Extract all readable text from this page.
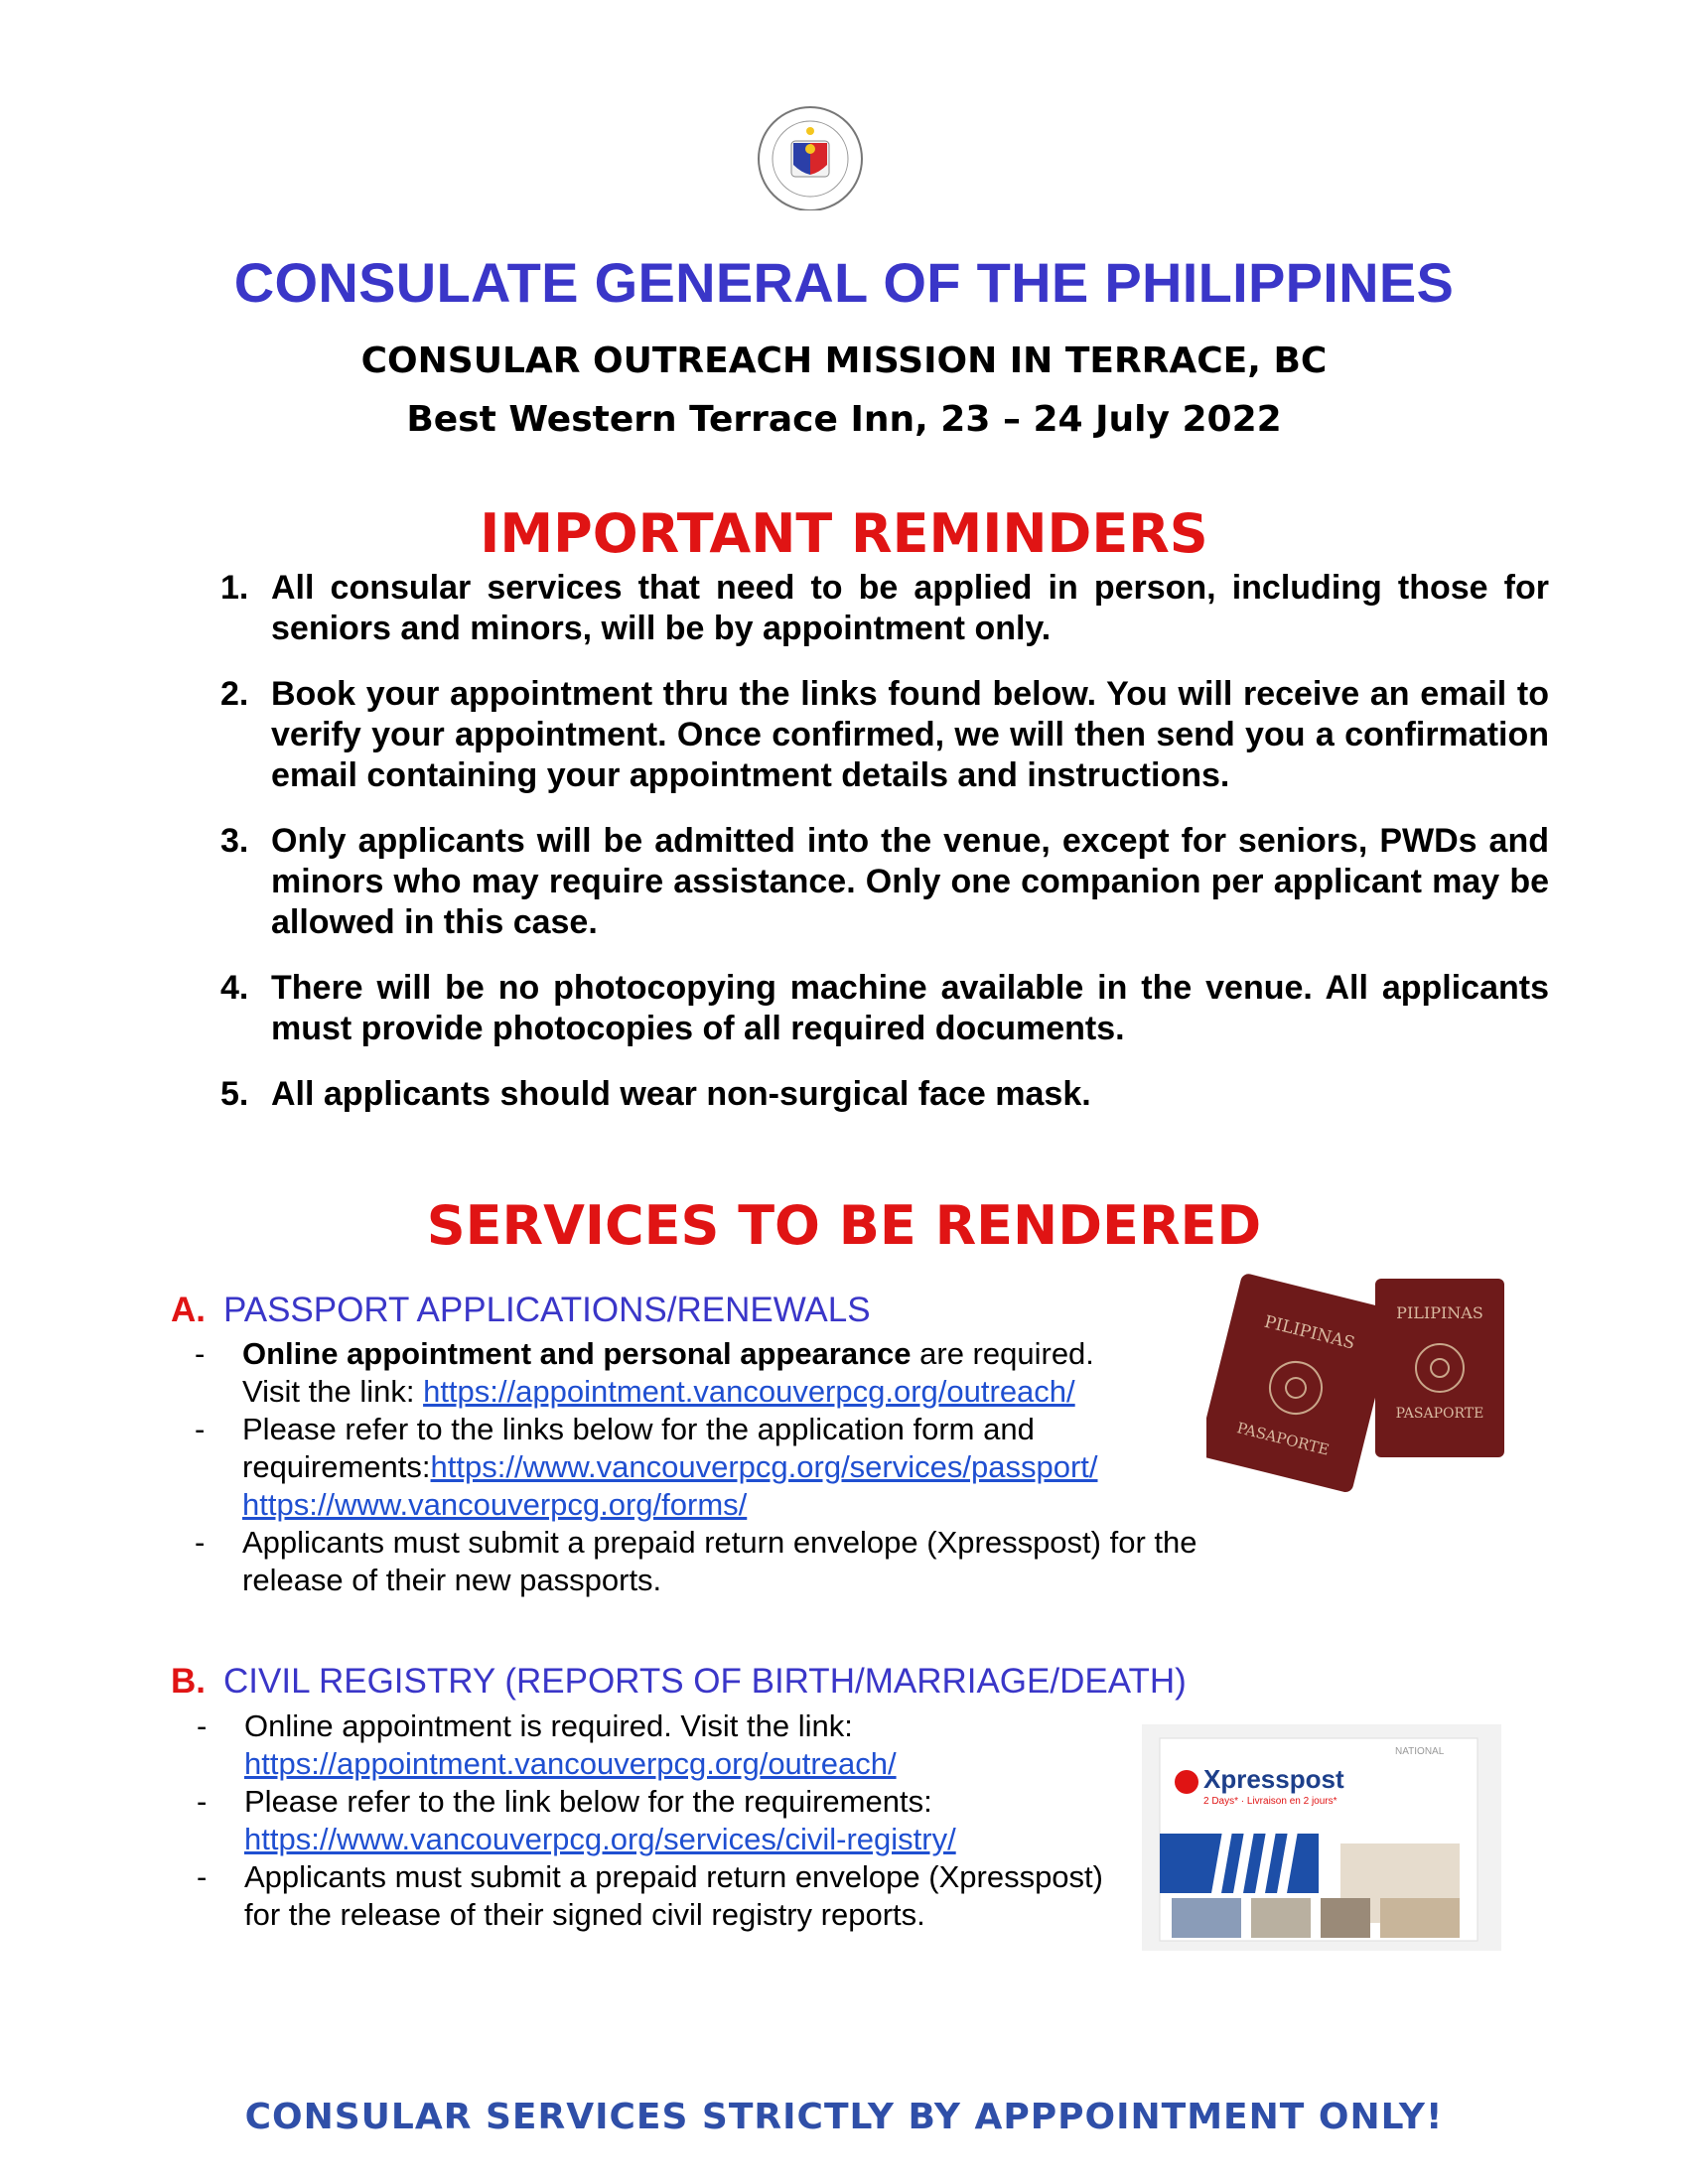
CONSULATE GENERAL OF THE PHILIPPINES
CONSULAR OUTREACH MISSION IN TERRACE, BC
Best Western Terrace Inn, 23 – 24 July 2022
IMPORTANT REMINDERS
1. All consular services that need to be applied in person, including those for seniors and minors, will be by appointment only.
2. Book your appointment thru the links found below. You will receive an email to verify your appointment. Once confirmed, we will then send you a confirmation email containing your appointment details and instructions.
3. Only applicants will be admitted into the venue, except for seniors, PWDs and minors who may require assistance. Only one companion per applicant may be allowed in this case.
4. There will be no photocopying machine available in the venue. All applicants must provide photocopies of all required documents.
5. All applicants should wear non-surgical face mask.
SERVICES TO BE RENDERED
A. PASSPORT APPLICATIONS/RENEWALS
- Online appointment and personal appearance are required.
Visit the link: https://appointment.vancouverpcg.org/outreach/
- Please refer to the links below for the application form and requirements:https://www.vancouverpcg.org/services/passport/
https://www.vancouverpcg.org/forms/
- Applicants must submit a prepaid return envelope (Xpresspost) for the release of their new passports.
PILIPINAS
PASAPORTE
PILIPINAS
PASAPORTE
B. CIVIL REGISTRY (REPORTS OF BIRTH/MARRIAGE/DEATH)
- Online appointment is required. Visit the link:
https://appointment.vancouverpcg.org/outreach/
- Please refer to the link below for the requirements:
https://www.vancouverpcg.org/services/civil-registry/
- Applicants must submit a prepaid return envelope (Xpresspost) for the release of their signed civil registry reports.
Xpresspost
2 Days* · Livraison en 2 jours*
NATIONAL
CONSULAR SERVICES STRICTLY BY APPPOINTMENT ONLY!
